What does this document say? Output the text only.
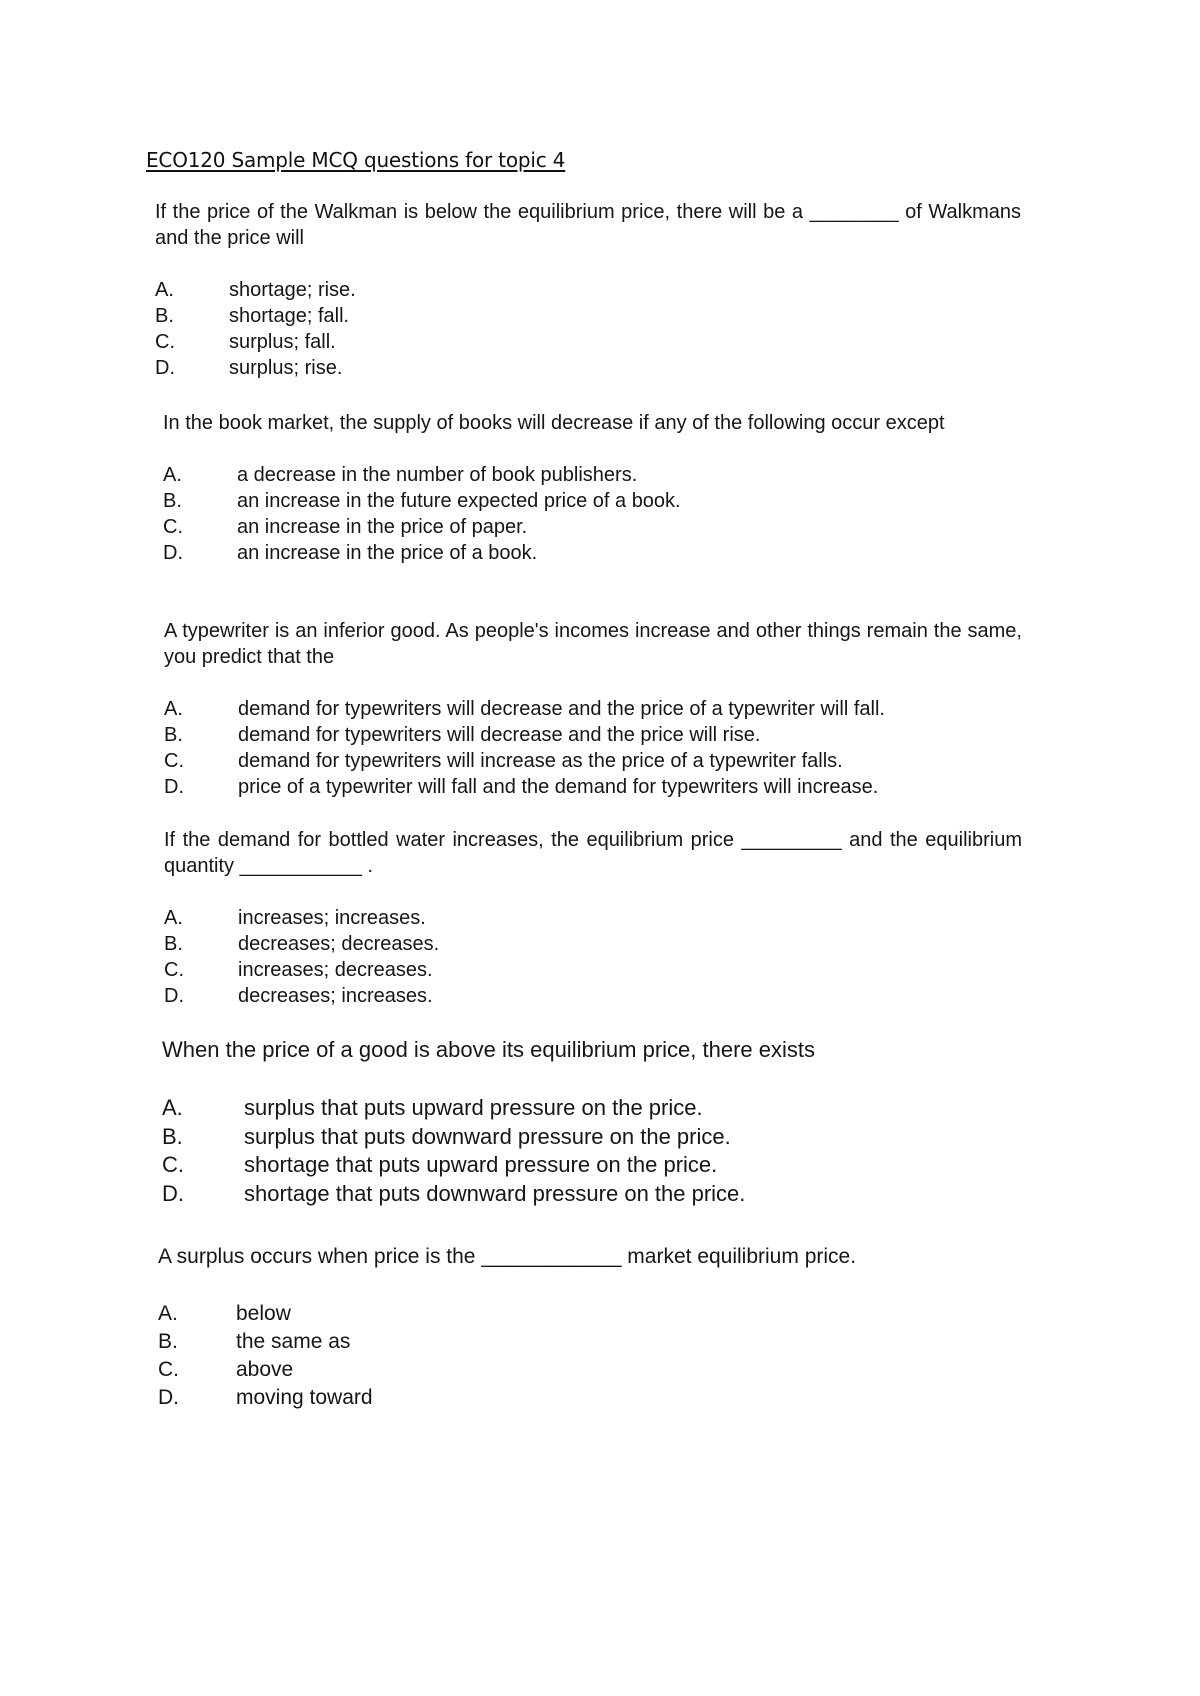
ECO120 Sample MCQ questions for topic 4
If the price of the Walkman is below the equilibrium price, there will be a ________ of Walkmans and the price will
A.	shortage; rise.
B.	shortage; fall.
C.	surplus; fall.
D.	surplus; rise.
In the book market, the supply of books will decrease if any of the following occur except
A.	a decrease in the number of book publishers.
B.	an increase in the future expected price of a book.
C.	an increase in the price of paper.
D.	an increase in the price of a book.
A typewriter is an inferior good. As people's incomes increase and other things remain the same, you predict that the
A.	demand for typewriters will decrease and the price of a typewriter will fall.
B.	demand for typewriters will decrease and the price will rise.
C.	demand for typewriters will increase as the price of a typewriter falls.
D.	price of a typewriter will fall and the demand for typewriters will increase.
If the demand for bottled water increases, the equilibrium price _________ and the equilibrium quantity ___________ .
A.	increases; increases.
B.	decreases; decreases.
C.	increases; decreases.
D.	decreases; increases.
When the price of a good is above its equilibrium price, there exists
A.	surplus that puts upward pressure on the price.
B.	surplus that puts downward pressure on the price.
C.	shortage that puts upward pressure on the price.
D.	shortage that puts downward pressure on the price.
A surplus occurs when price is the ____________ market equilibrium price.
A.	below
B.	the same as
C.	above
D.	moving toward
